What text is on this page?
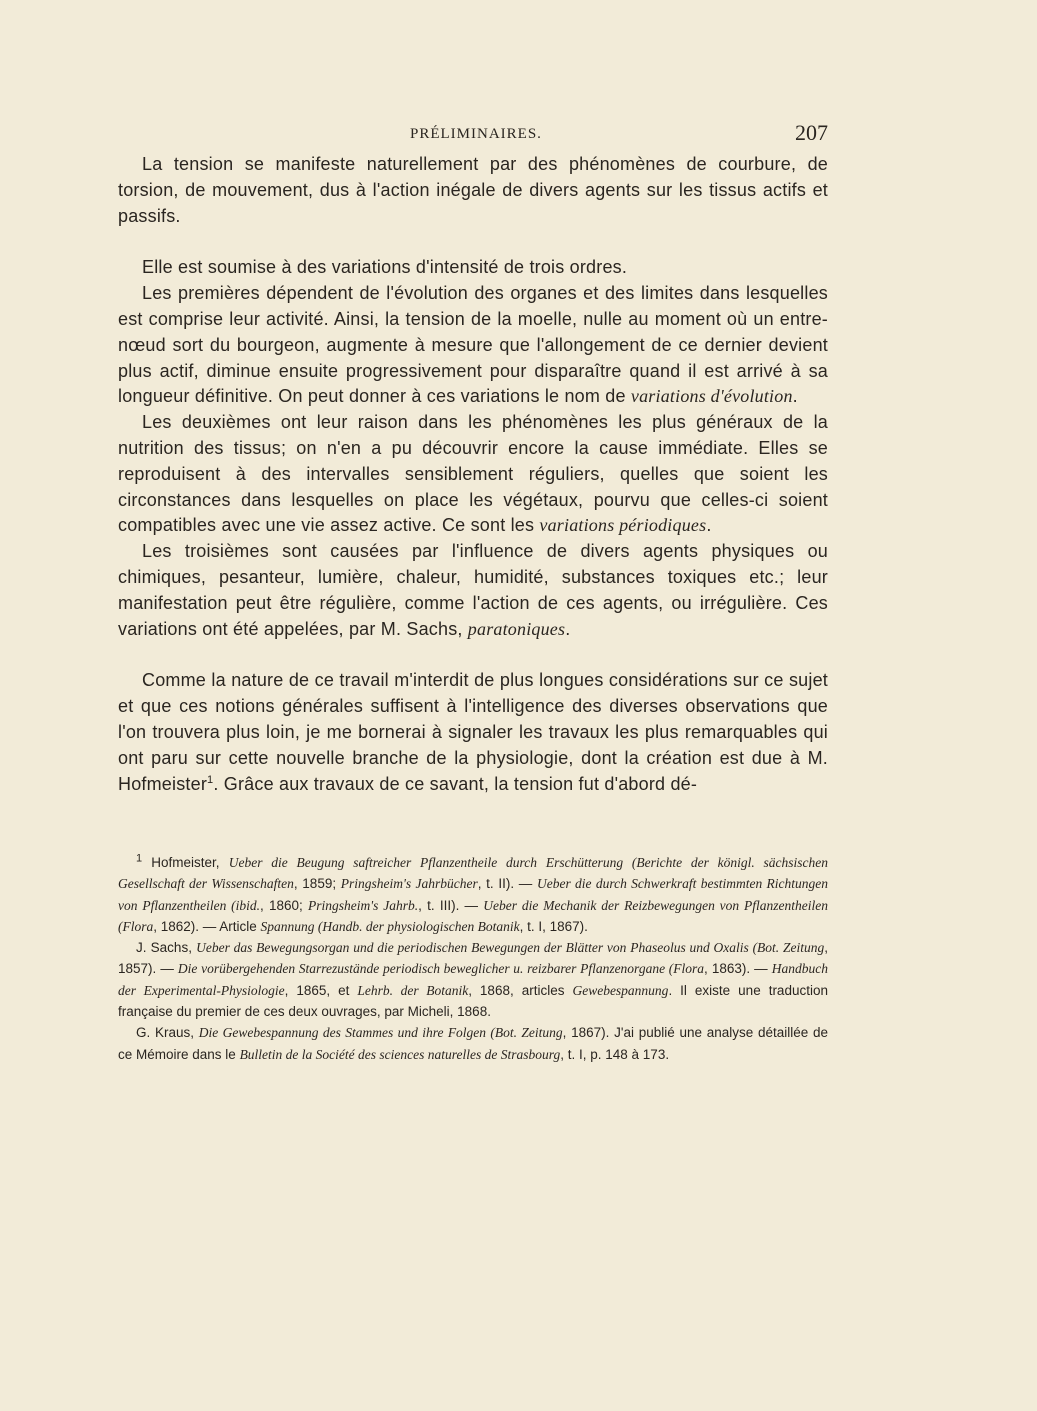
PRÉLIMINAIRES.	207

La tension se manifeste naturellement par des phénomènes de courbure, de torsion, de mouvement, dus à l'action inégale de divers agents sur les tissus actifs et passifs.

Elle est soumise à des variations d'intensité de trois ordres.

Les premières dépendent de l'évolution des organes et des limites dans lesquelles est comprise leur activité. Ainsi, la tension de la moelle, nulle au moment où un entre-nœud sort du bourgeon, augmente à mesure que l'allongement de ce dernier devient plus actif, diminue ensuite progressivement pour disparaître quand il est arrivé à sa longueur définitive. On peut donner à ces variations le nom de variations d'évolution.

Les deuxièmes ont leur raison dans les phénomènes les plus généraux de la nutrition des tissus; on n'en a pu découvrir encore la cause immédiate. Elles se reproduisent à des intervalles sensiblement réguliers, quelles que soient les circonstances dans lesquelles on place les végétaux, pourvu que celles-ci soient compatibles avec une vie assez active. Ce sont les variations périodiques.

Les troisièmes sont causées par l'influence de divers agents physiques ou chimiques, pesanteur, lumière, chaleur, humidité, substances toxiques etc.; leur manifestation peut être régulière, comme l'action de ces agents, ou irrégulière. Ces variations ont été appelées, par M. Sachs, paratoniques.

Comme la nature de ce travail m'interdit de plus longues considérations sur ce sujet et que ces notions générales suffisent à l'intelligence des diverses observations que l'on trouvera plus loin, je me bornerai à signaler les travaux les plus remarquables qui ont paru sur cette nouvelle branche de la physiologie, dont la création est due à M. Hofmeister$^1$. Grâce aux travaux de ce savant, la tension fut d'abord dé-

$^1$ Hofmeister, Ueber die Beugung saftreicher Pflanzentheile durch Erschütterung (Berichte der königl. sächsischen Gesellschaft der Wissenschaften, 1859; Pringsheim's Jahrbücher, t. II). — Ueber die durch Schwerkraft bestimmten Richtungen von Pflanzentheilen (ibid., 1860; Pringsheim's Jahrb., t. III). — Ueber die Mechanik der Reizbewegungen von Pflanzentheilen (Flora, 1862). — Article Spannung (Handb. der physiologischen Botanik, t. I, 1867).

J. Sachs, Ueber das Bewegungsorgan und die periodischen Bewegungen der Blätter von Phaseolus und Oxalis (Bot. Zeitung, 1857). — Die vorübergehenden Starrezustände periodisch beweglicher u. reizbarer Pflanzenorgane (Flora, 1863). — Handbuch der Experimental-Physiologie, 1865, et Lehrb. der Botanik, 1868, articles Gewebespannung. Il existe une traduction française du premier de ces deux ouvrages, par Micheli, 1868.

G. Kraus, Die Gewebespannung des Stammes und ihre Folgen (Bot. Zeitung, 1867). J'ai publié une analyse détaillée de ce Mémoire dans le Bulletin de la Société des sciences naturelles de Strasbourg, t. I, p. 148 à 173.
